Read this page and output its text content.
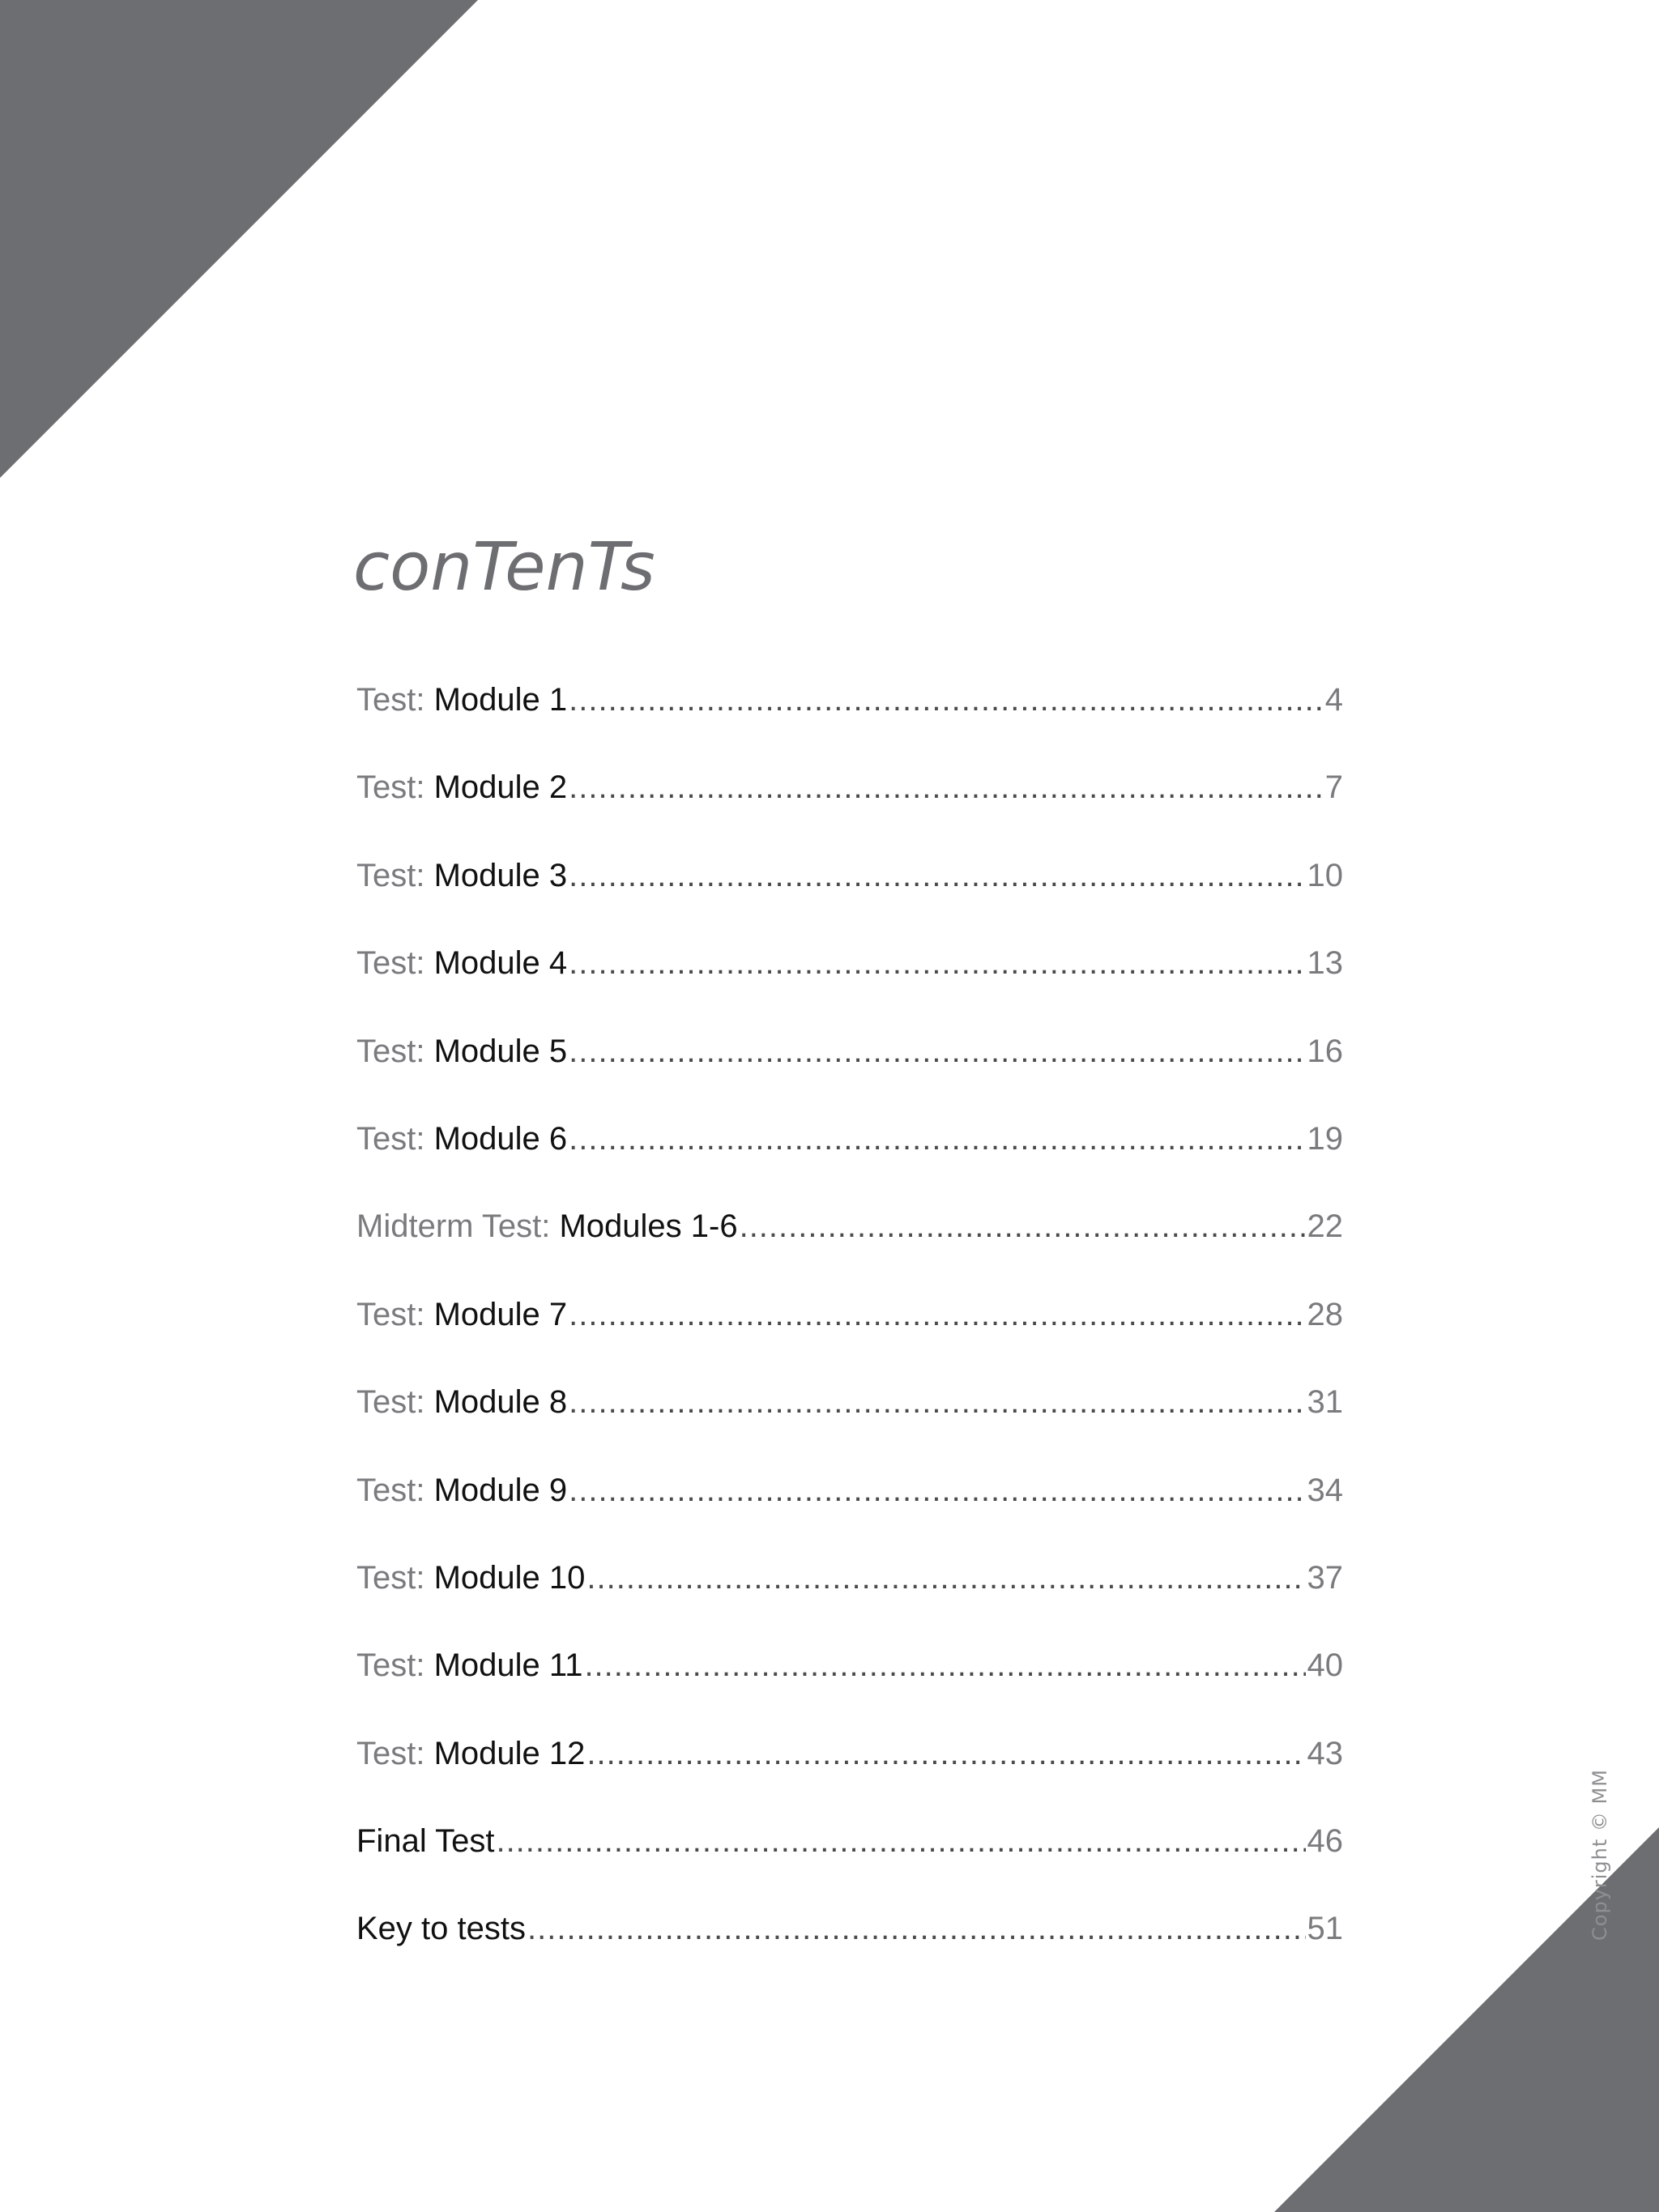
conTenTs
Test:
Module 1 .....	4
Test:
Module 2 .....	7
Test:
Module 3 .....	10
Test:
Module 4 .....	13
Test:
Module 5 .....	16
Test:
Module 6 .....	19
Midterm Test:
Modules 1-6 .....	22
Test:
Module 7 .....	28
Test:
Module 8 .....	31
Test:
Module 9 .....	34
Test:
Module 10 .....	37
Test:
Module 11 .....	40
Test:
Module 12 .....	43
Final Test .....	46
Key to tests .....	51	Copyright © MM
